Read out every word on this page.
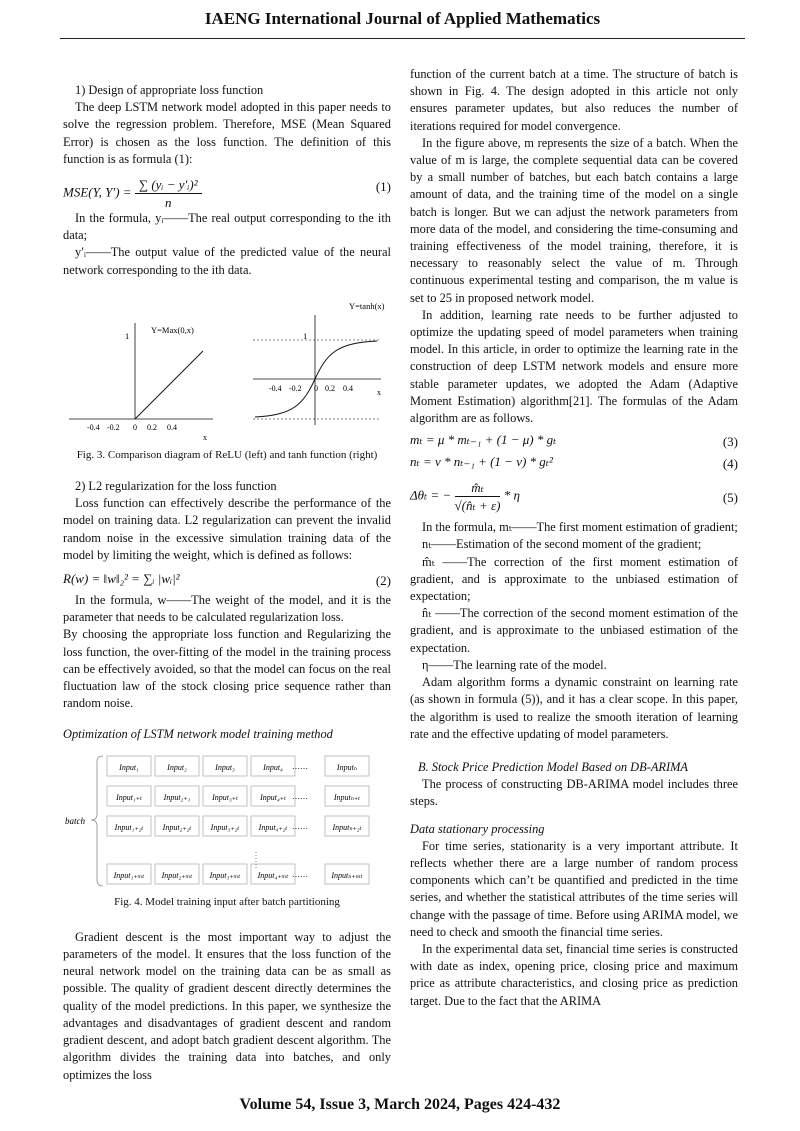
IAENG International Journal of Applied Mathematics

1) Design of appropriate loss function

The deep LSTM network model adopted in this paper needs to solve the regression problem. Therefore, MSE (Mean Squared Error) is chosen as the loss function. The definition of this function is as formula (1):

MSE(Y, $Y') = \frac{\text{∑ (yᵢ − y′ᵢ)²}}{n}$	(1)

In the formula, yᵢ——The real output corresponding to the ith data;

y′ᵢ——The output value of the predicted value of the neural network corresponding to the ith data.

Y=Max(0,x)
1
-0.4 -0.2 0 0.2 0.4
x
Y=tanh(x)
1
-0.4 -0.2 0 0.2 0.4	x

Fig. 3. Comparison diagram of ReLU (left) and tanh function (right)

2) L2 regularization for the loss function

Loss function can effectively describe the performance of the model on training data. L2 regularization can prevent the invalid random noise in the excessive simulation training data of the model by limiting the weight, which is defined as follows:

R(w) = ‖w‖₂² = ∑ᵢ |wᵢ|²	(2)

In the formula, w——The weight of the model, and it is the parameter that needs to be calculated regularization loss.

By choosing the appropriate loss function and Regularizing the loss function, the over-fitting of the model in the training process can be effectively avoided, so that the model can focus on the real fluctuation law of the stock closing price sequence rather than random noise.

Optimization of LSTM network model training method

batch
Input₁	Input₂	Input₃	Input₄	Inputₙ
……
Input₁₊ₜ	Input₂₊₁	Input₃₊ₜ	Input₄₊ₜ	Inputₙ₊ₜ
……
Input₁₊₂ₜ Input₂₊₂ₜ Input₃₊₂ₜ Input₄₊₂ₜ	Inputₙ₊₂ₜ
……
Input₁₊ₘₜ Input₂₊ₘₜ Input₃₊ₘₜ Input₄₊ₘₜ	Inputₙ₊ₘₜ
……

Fig. 4. Model training input after batch partitioning

Gradient descent is the most important way to adjust the parameters of the model. It ensures that the loss function of the neural network model on the training data can be as small as possible. The quality of gradient descent directly determines the quality of the model predictions. In this paper, we synthesize the advantages and disadvantages of gradient descent and random gradient descent, and adopt batch gradient descent algorithm. The algorithm divides the training data into batches, and only optimizes the loss

function of the current batch at a time. The structure of batch is shown in Fig. 4. The design adopted in this article not only ensures parameter updates, but also reduces the number of iterations required for model convergence.

In the figure above, m represents the size of a batch. When the value of m is large, the complete sequential data can be covered by a small number of batches, but each batch contains a large amount of data, and the training time of the model on a single batch is longer. But we can adjust the network parameters from more data of the model, and considering the time-consuming and training effectiveness of the model training, therefore, it is necessary to reasonably select the value of m. Through continuous experimental testing and comparison, the m value is set to 25 in proposed network model.

In addition, learning rate needs to be further adjusted to optimize the updating speed of model parameters when training model. In this article, in order to optimize the learning rate in the construction of deep LSTM network models and ensure more stable parameter updates, we adopted the Adam (Adaptive Moment Estimation) algorithm[21]. The formulas of the Adam algorithm are as follows.

mₜ = μ * mₜ₋₁ + (1 − μ) * gₜ	(3)
nₜ = ν * nₜ₋₁ + (1 − ν) * gₜ²	(4)
Δθₜ = − $\frac{\text{m̂ₜ}}{\text{√(n̂ₜ + ε)}}$ * η	(5)

In the formula, mₜ——The first moment estimation of gradient;

nₜ——Estimation of the second moment of the gradient;

m̂ₜ ——The correction of the first moment estimation of gradient, and is approximate to the unbiased estimation of expectation;

n̂ₜ ——The correction of the second moment estimation of the gradient, and is approximate to the unbiased estimation of the expectation.

η——The learning rate of the model.

Adam algorithm forms a dynamic constraint on learning rate (as shown in formula (5)), and it has a clear scope. In this paper, the algorithm is used to realize the smooth iteration of learning rate and the effective updating of model parameters.

B. Stock Price Prediction Model Based on DB-ARIMA

The process of constructing DB-ARIMA model includes three steps.

Data stationary processing

For time series, stationarity is a very important attribute. It reflects whether there are a large number of random process components which can’t be quantified and predicted in the time series, and whether the statistical attributes of the time series will change with the passage of time. Before using ARIMA model, we need to check and smooth the financial time series.

In the experimental data set, financial time series is constructed with date as index, opening price, closing price and maximum price as attribute characteristics, and closing price as prediction target. Due to the fact that the ARIMA

Volume 54, Issue 3, March 2024, Pages 424-432
